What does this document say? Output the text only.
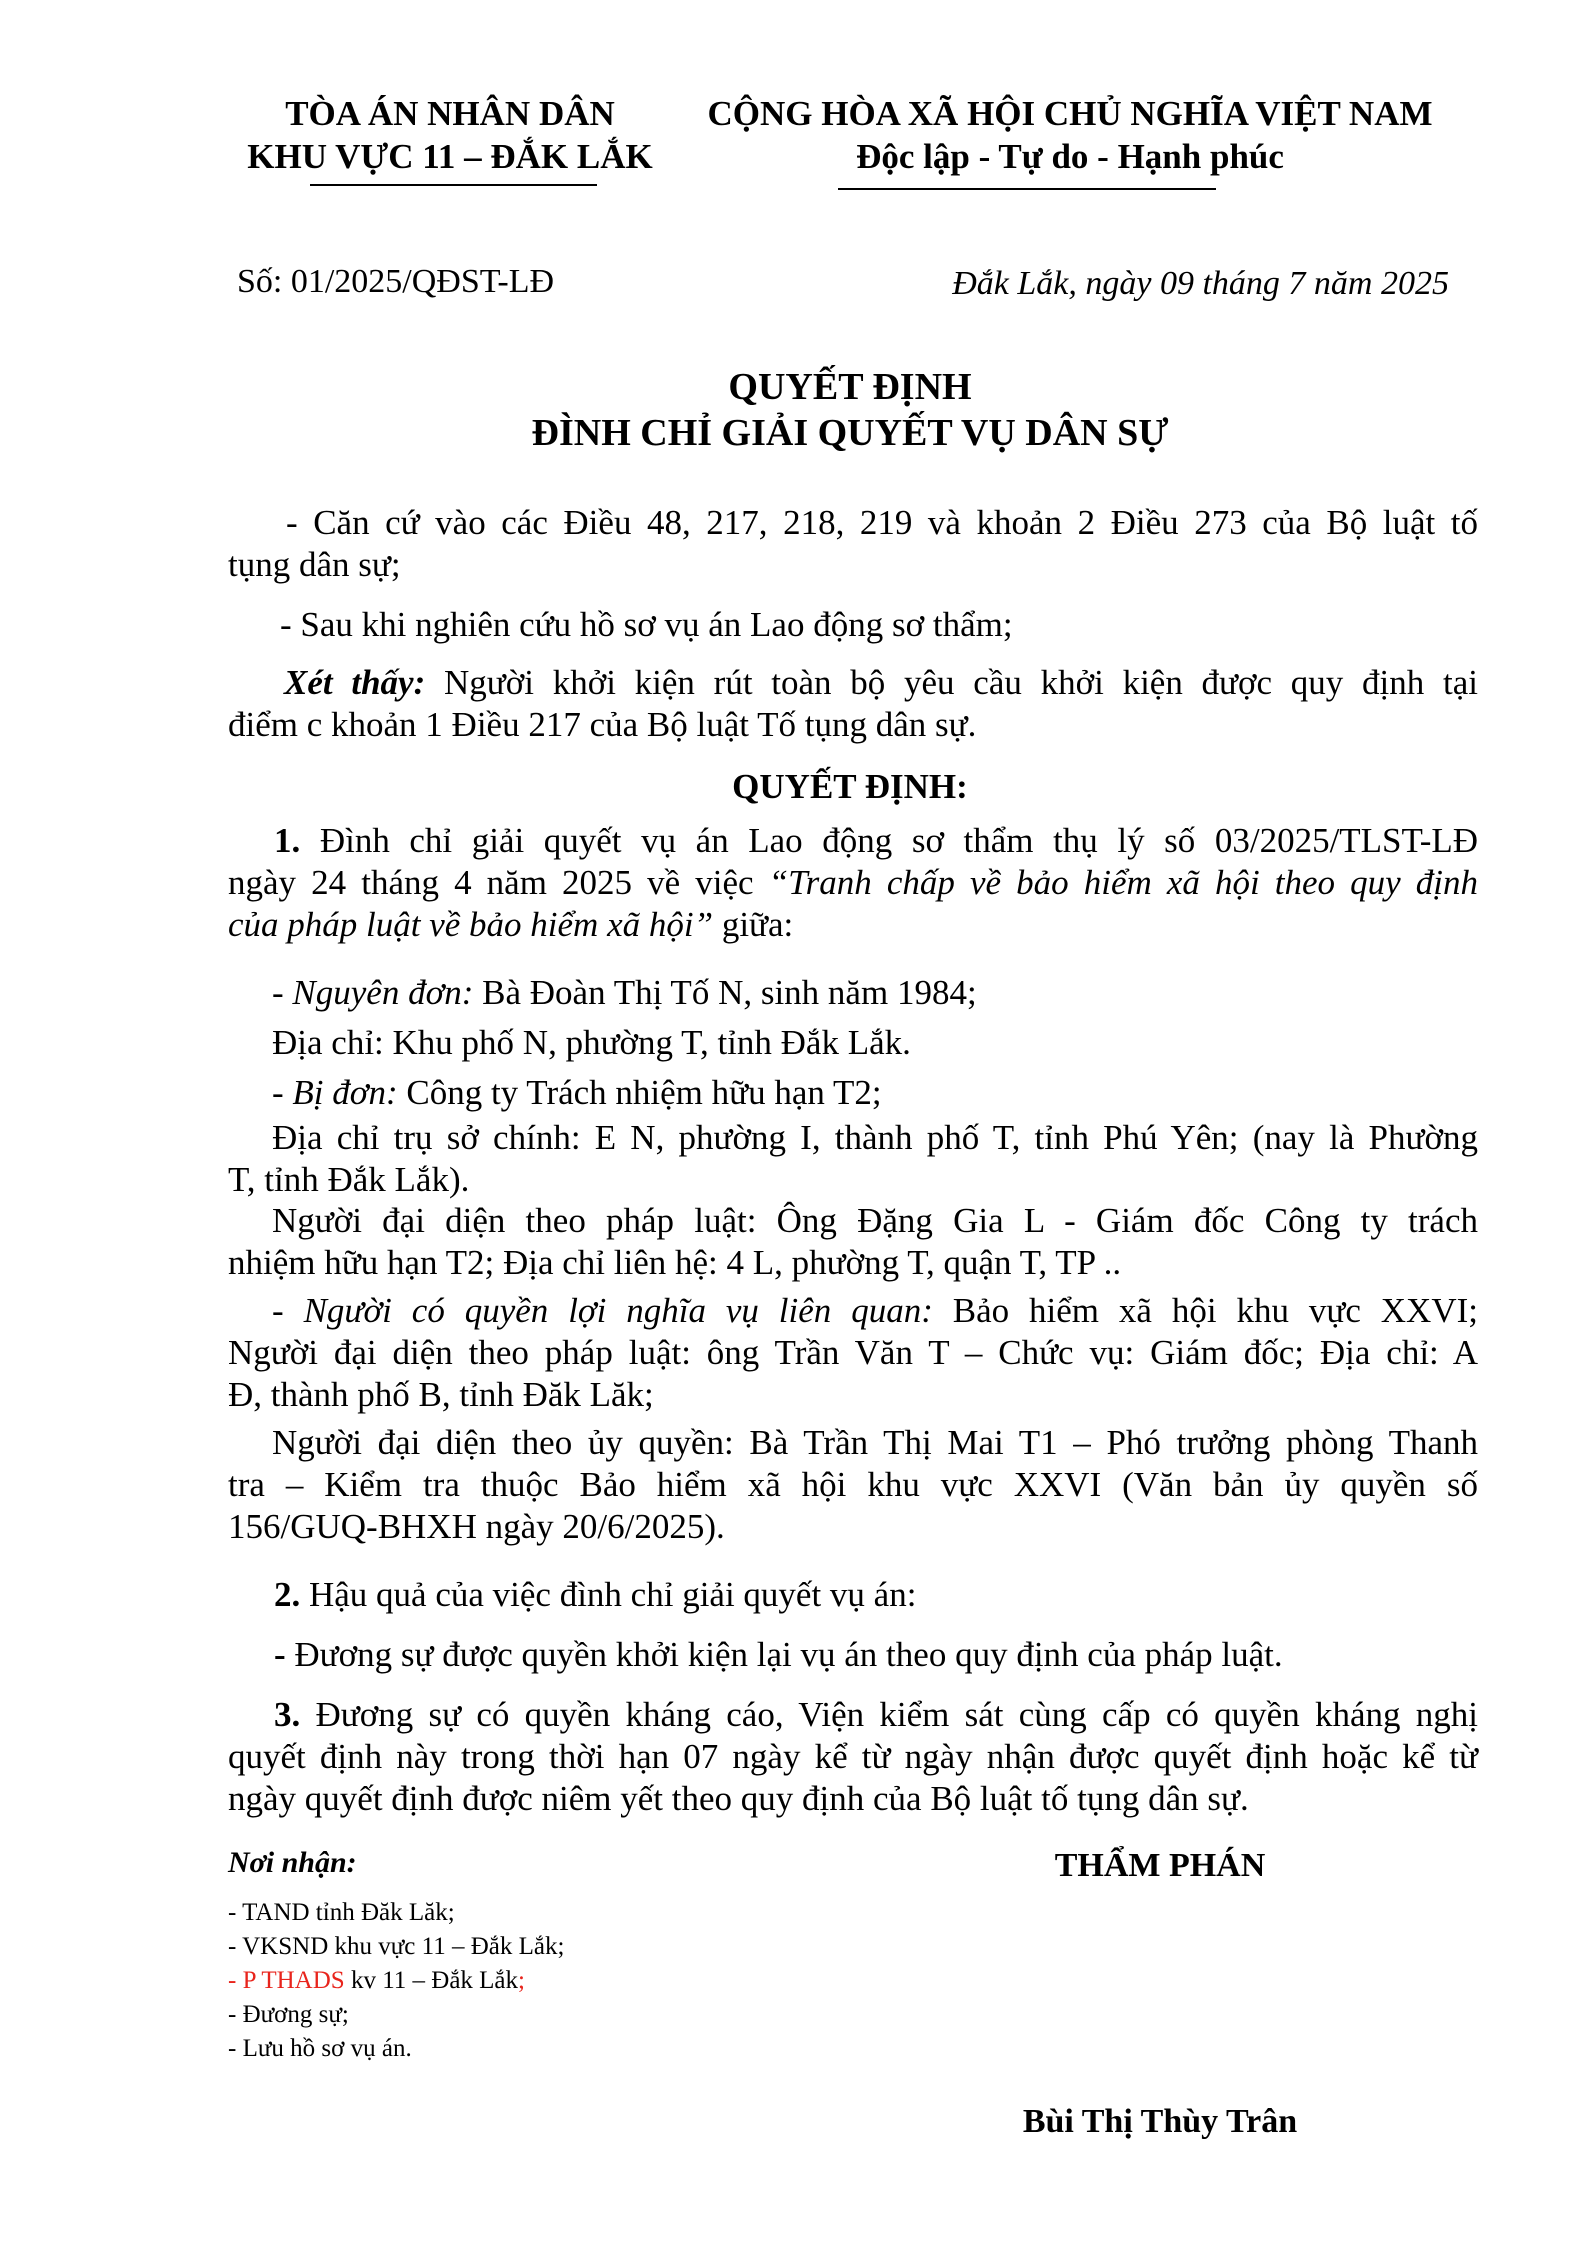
TÒA ÁN NHÂN DÂN
KHU VỰC 11 – ĐẮK LẮK
CỘNG HÒA XÃ HỘI CHỦ NGHĨA VIỆT NAM
Độc lập - Tự do - Hạnh phúc
Số: 01/2025/QĐST-LĐ	Đắk Lắk, ngày 09 tháng 7 năm 2025
QUYẾT ĐỊNH
ĐÌNH CHỈ GIẢI QUYẾT VỤ DÂN SỰ
- Căn cứ vào các Điều 48, 217, 218, 219 và khoản 2 Điều 273 của Bộ luật tố
tụng dân sự;
- Sau khi nghiên cứu hồ sơ vụ án Lao động sơ thẩm;
Xét thấy: Người khởi kiện rút toàn bộ yêu cầu khởi kiện được quy định tại
điểm c khoản 1 Điều 217 của Bộ luật Tố tụng dân sự.
QUYẾT ĐỊNH:
1. Đình chỉ giải quyết vụ án Lao động sơ thẩm thụ lý số 03/2025/TLST-LĐ
ngày 24 tháng 4 năm 2025 về việc “Tranh chấp về bảo hiểm xã hội theo quy định
của pháp luật về bảo hiểm xã hội” giữa:
- Nguyên đơn: Bà Đoàn Thị Tố N, sinh năm 1984;
Địa chỉ: Khu phố N, phường T, tỉnh Đắk Lắk.
- Bị đơn: Công ty Trách nhiệm hữu hạn T2;
Địa chỉ trụ sở chính: E N, phường I, thành phố T, tỉnh Phú Yên; (nay là Phường
T, tỉnh Đắk Lắk).
Người đại diện theo pháp luật: Ông Đặng Gia L - Giám đốc Công ty trách
nhiệm hữu hạn T2; Địa chỉ liên hệ: 4 L, phường T, quận T, TP ..
- Người có quyền lợi nghĩa vụ liên quan: Bảo hiểm xã hội khu vực XXVI;
Người đại diện theo pháp luật: ông Trần Văn T – Chức vụ: Giám đốc; Địa chỉ: A
Đ, thành phố B, tỉnh Đăk Lăk;
Người đại diện theo ủy quyền: Bà Trần Thị Mai T1 – Phó trưởng phòng Thanh
tra – Kiểm tra thuộc Bảo hiểm xã hội khu vực XXVI (Văn bản ủy quyền số
156/GUQ-BHXH ngày 20/6/2025).
2. Hậu quả của việc đình chỉ giải quyết vụ án:
- Đương sự được quyền khởi kiện lại vụ án theo quy định của pháp luật.
3. Đương sự có quyền kháng cáo, Viện kiểm sát cùng cấp có quyền kháng nghị
quyết định này trong thời hạn 07 ngày kể từ ngày nhận được quyết định hoặc kể từ
ngày quyết định được niêm yết theo quy định của Bộ luật tố tụng dân sự.
Nơi nhận:
- TAND tỉnh Đăk Lăk;
- VKSND khu vực 11 – Đắk Lắk;
- P THADS kv 11 – Đắk Lắk;
- Đương sự;
- Lưu hồ sơ vụ án.
THẨM PHÁN
Bùi Thị Thùy Trân
